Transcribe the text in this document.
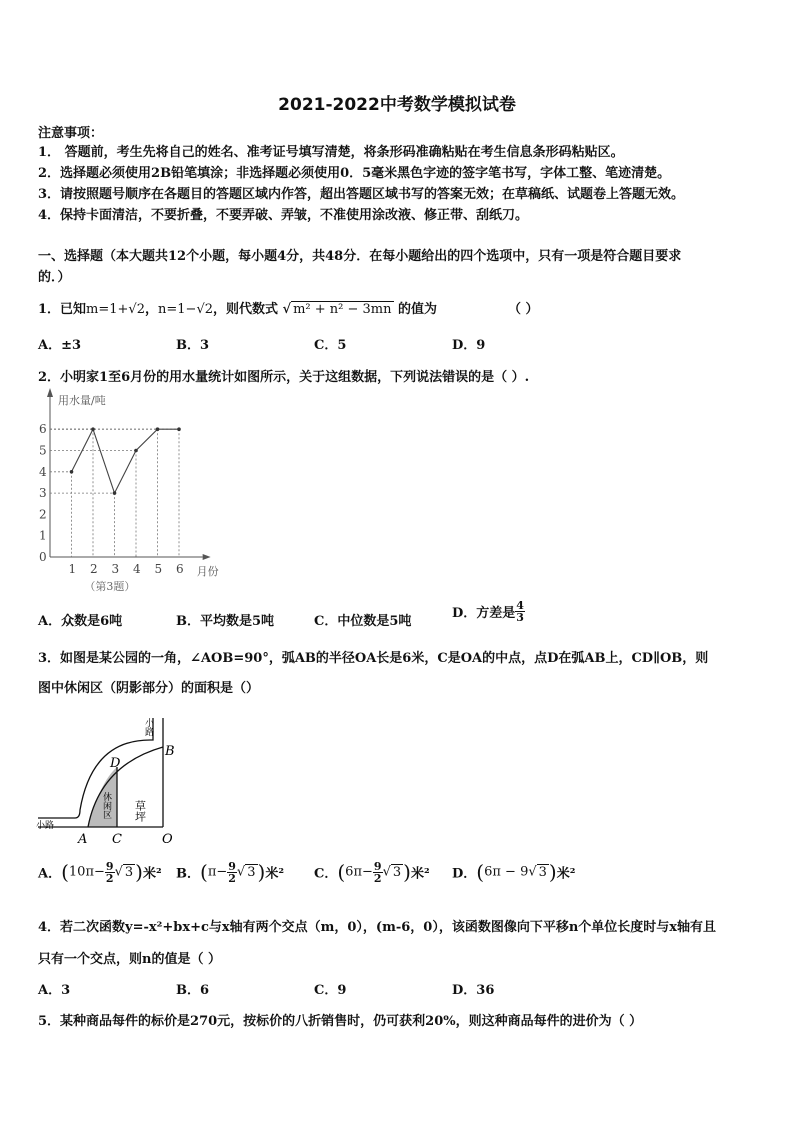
2021-2022中考数学模拟试卷
注意事项：
1． 答题前，考生先将自己的姓名、准考证号填写清楚，将条形码准确粘贴在考生信息条形码粘贴区。
2．选择题必须使用2B铅笔填涂；非选择题必须使用0．5毫米黑色字迹的签字笔书写，字体工整、笔迹清楚。
3．请按照题号顺序在各题目的答题区域内作答，超出答题区域书写的答案无效；在草稿纸、试题卷上答题无效。
4．保持卡面清洁，不要折叠，不要弄破、弄皱，不准使用涂改液、修正带、刮纸刀。
一、选择题（本大题共12个小题，每小题4分，共48分．在每小题给出的四个选项中，只有一项是符合题目要求
的．）
1．已知m=1+√2，n=1−√2，则代数式 √ m² + n² − 3mn 的值为	（ ）
A．±3	B．3	C．5	D．9
2．小明家1至6月份的用水量统计如图所示，关于这组数据，下列说法错误的是（ ）.
用水量/吨
月份
0
1
2
3
4
5
6
1 2 3 4 5 6
（第3题）
A．众数是6吨	B．平均数是5吨	C．中位数是5吨
D．方差是 $\frac{4}{3}$
3．如图是某公园的一角，∠AOB=90°，弧AB的半径OA长是6米，C是OA的中点，点D在弧AB上，CD∥OB，则
图中休闲区（阴影部分）的面积是（）
小路
小路
休闲区 草坪
A C	O
B
D
A．($10\pi- \frac{9}{2}$ √ 3 )米² B．($\pi- \frac{9}{2}$ √ 3 )米² C．($6\pi- \frac{9}{2}$ √ 3 )米² D．(6π − 9√ 3 )米²
4．若二次函数y=-x²+bx+c与x轴有两个交点（m，0），(m-6，0），该函数图像向下平移n个单位长度时与x轴有且
只有一个交点，则n的值是（ ）
A．3	B．6	C．9	D．36
5．某种商品每件的标价是270元，按标价的八折销售时，仍可获利20%，则这种商品每件的进价为（ ）
